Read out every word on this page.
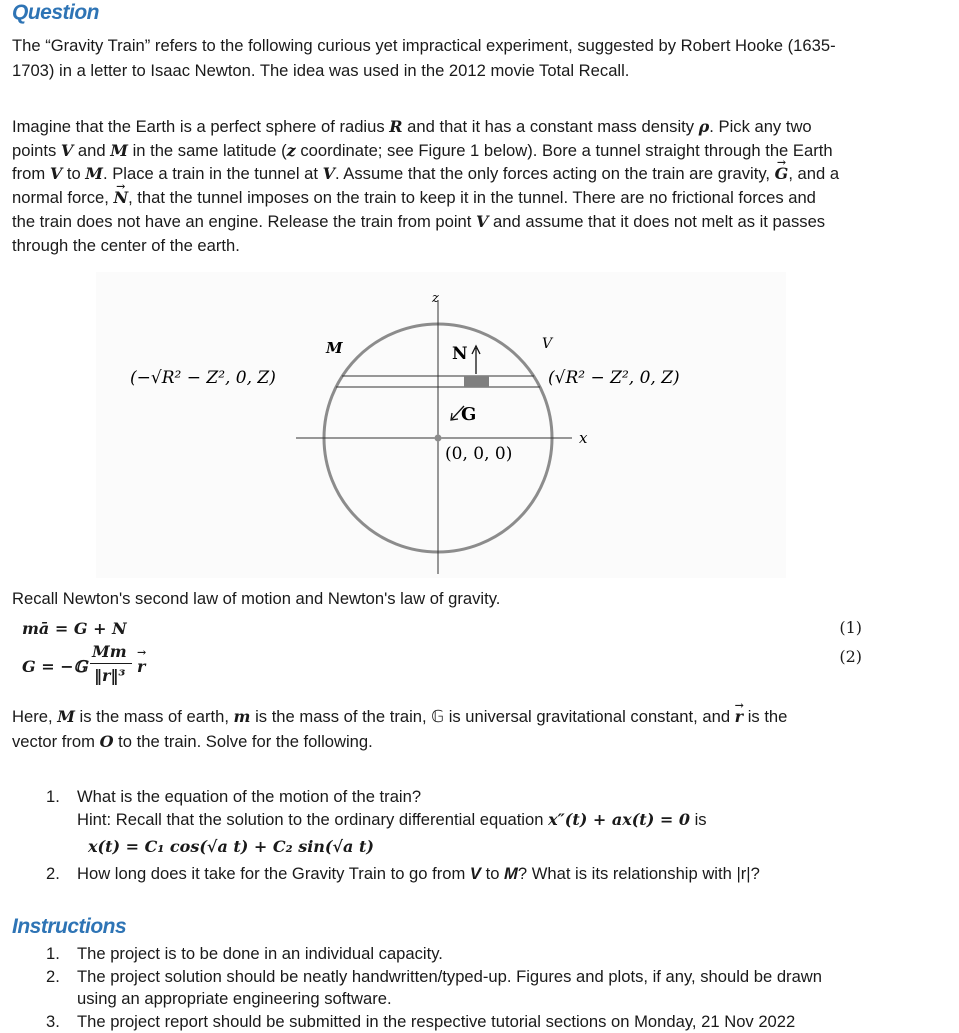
Question
The “Gravity Train” refers to the following curious yet impractical experiment, suggested by Robert Hooke (1635-
1703) in a letter to Isaac Newton. The idea was used in the 2012 movie Total Recall.
Imagine that the Earth is a perfect sphere of radius R and that it has a constant mass density ρ. Pick any two
points V and M in the same latitude (z coordinate; see Figure 1 below). Bore a tunnel straight through the Earth
from V to M. Place a train in the tunnel at V. Assume that the only forces acting on the train are gravity, → G, and a
normal force, → N, that the tunnel imposes on the train to keep it in the tunnel. There are no frictional forces and
the train does not have an engine. Release the train from point V and assume that it does not melt as it passes
through the center of the earth.
z
x
M	V
N
G
(−√R² − Z², 0, Z)	(√R² − Z², 0, Z)
(0, 0, 0)
Recall Newton's second law of motion and Newton's law of gravity.
mā = G + N	(1)
G = −𝔾
Mm
‖r‖³
→ r
(2)
Here, M is the mass of earth, m is the mass of the train, 𝔾 is universal gravitational constant, and → r is the
vector from O to the train. Solve for the following.
1. What is the equation of the motion of the train?
Hint: Recall that the solution to the ordinary differential equation x″(t) + ax(t) = 0 is
x(t) = C₁ cos(√a t) + C₂ sin(√a t)
2. How long does it take for the Gravity Train to go from V to M? What is its relationship with |r|?
Instructions
1. The project is to be done in an individual capacity.
2. The project solution should be neatly handwritten/typed-up. Figures and plots, if any, should be drawn
using an appropriate engineering software.
3. The project report should be submitted in the respective tutorial sections on Monday, 21 Nov 2022
